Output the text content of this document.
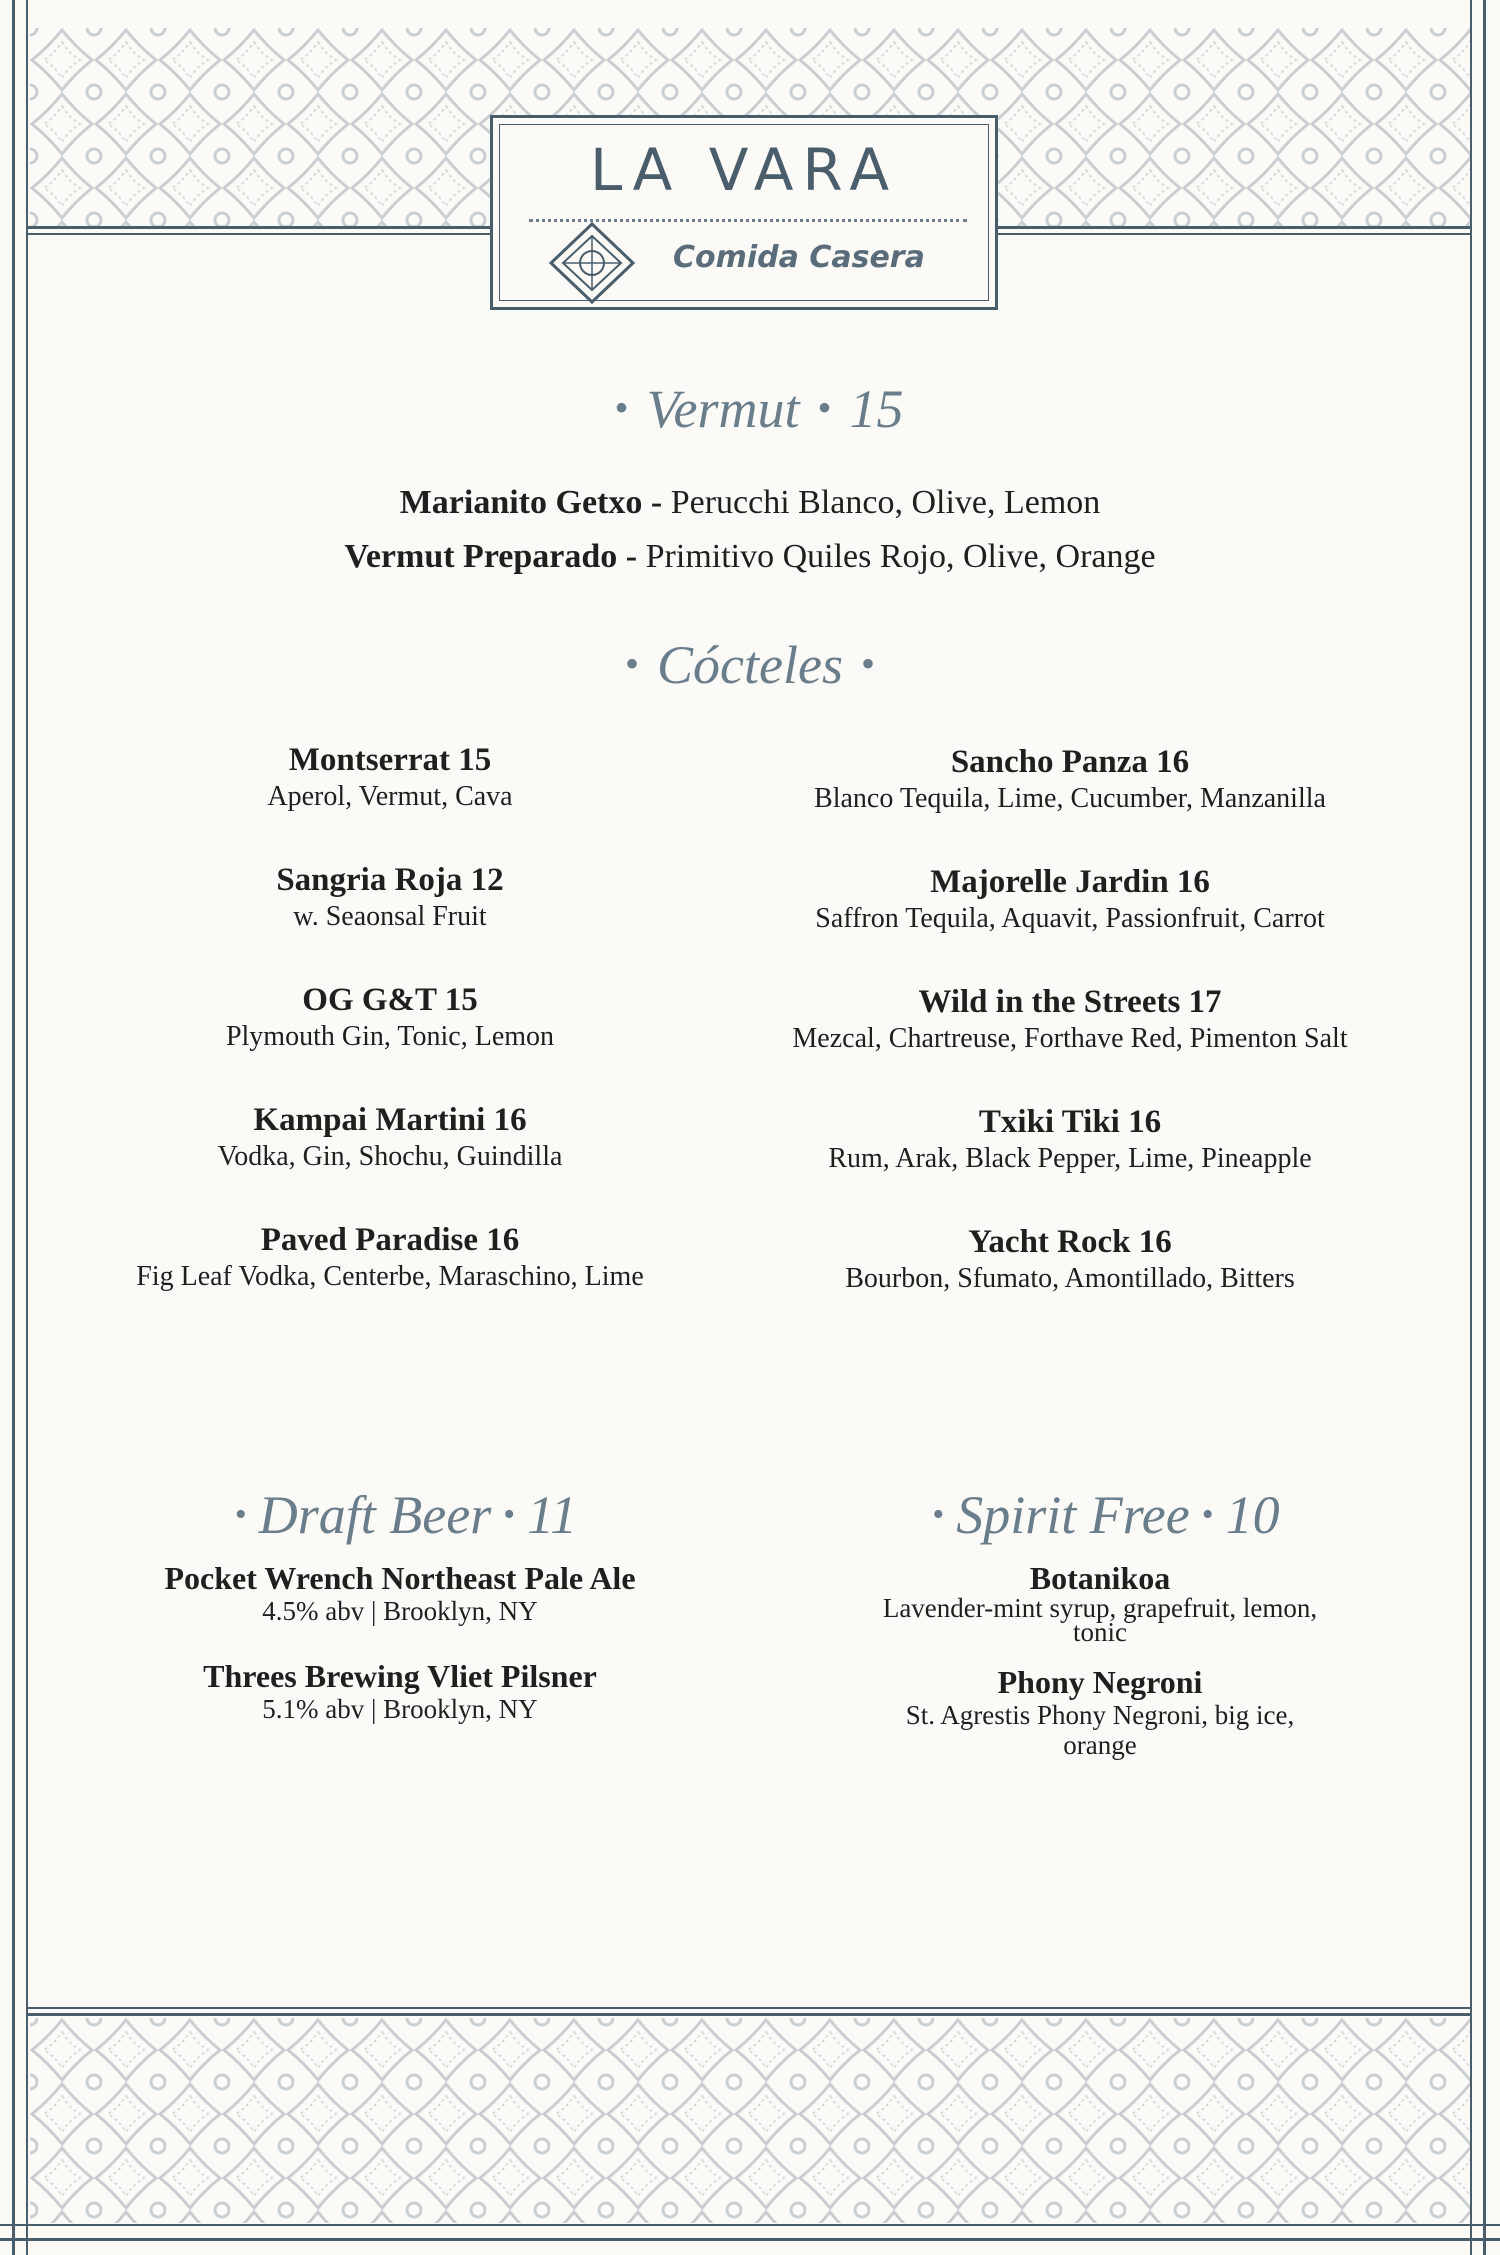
LA VARA
Comida Casera
• Vermut • 15
Marianito Getxo - Perucchi Blanco, Olive, Lemon
Vermut Preparado - Primitivo Quiles Rojo, Olive, Orange
• Cócteles •
Montserrat 15
Aperol, Vermut, Cava
Sangria Roja 12
w. Seaonsal Fruit
OG G&T 15
Plymouth Gin, Tonic, Lemon
Kampai Martini 16
Vodka, Gin, Shochu, Guindilla
Paved Paradise 16
Fig Leaf Vodka, Centerbe, Maraschino, Lime
Sancho Panza 16
Blanco Tequila, Lime, Cucumber, Manzanilla
Majorelle Jardin 16
Saffron Tequila, Aquavit, Passionfruit, Carrot
Wild in the Streets 17
Mezcal, Chartreuse, Forthave Red, Pimenton Salt
Txiki Tiki 16
Rum, Arak, Black Pepper, Lime, Pineapple
Yacht Rock 16
Bourbon, Sfumato, Amontillado, Bitters
• Draft Beer • 11
Pocket Wrench Northeast Pale Ale
4.5% abv | Brooklyn, NY
Threes Brewing Vliet Pilsner
5.1% abv | Brooklyn, NY
• Spirit Free • 10
Botanikoa
Lavender-mint syrup, grapefruit, lemon,
tonic
Phony Negroni
St. Agrestis Phony Negroni, big ice,
orange
